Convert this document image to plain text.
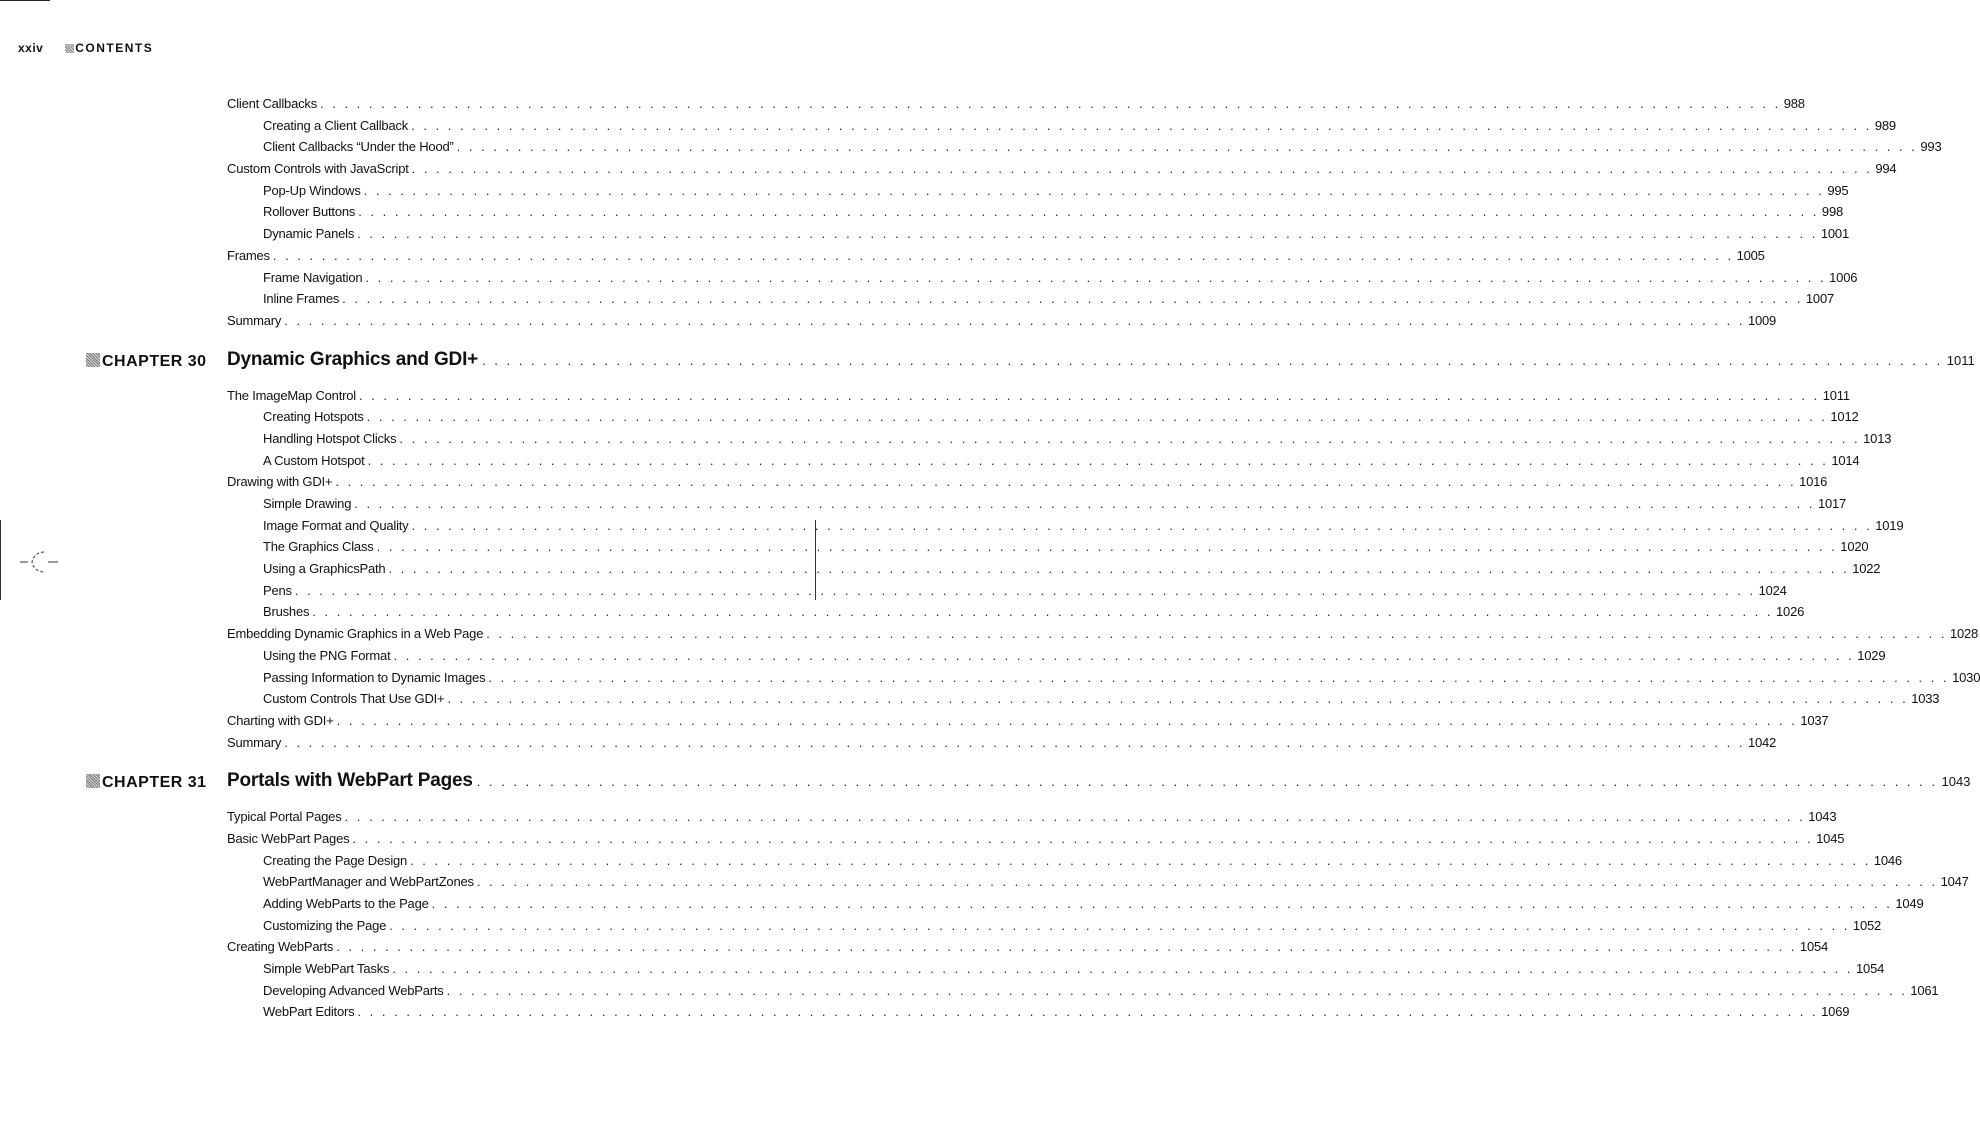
xxiv	CONTENTS
Client Callbacks . . . . . . . . . . . . . . . . . . . . . . . . . . . . . . . . . . . . . . . . . . . . . . . . . . . . . . . . . . . . . . . . . . . . . . . . . . . . . . . . . . . . . . . . . . . . . . . . . . . . . . . . . . . . . . . . . . . . . . . . 988
Creating a Client Callback . . . . . . . . . . . . . . . . . . . . . . . . . . . . . . . . . . . . . . . . . . . . . . . . . . . . . . . . . . . . . . . . . . . . . . . . . . . . . . . . . . . . . . . . . . . . . . . . . . . . . . . . . . . . . . . . . . . . . . . . 989
Client Callbacks “Under the Hood” . . . . . . . . . . . . . . . . . . . . . . . . . . . . . . . . . . . . . . . . . . . . . . . . . . . . . . . . . . . . . . . . . . . . . . . . . . . . . . . . . . . . . . . . . . . . . . . . . . . . . . . . . . . . . . . . . . . . . . . . 993
Custom Controls with JavaScript . . . . . . . . . . . . . . . . . . . . . . . . . . . . . . . . . . . . . . . . . . . . . . . . . . . . . . . . . . . . . . . . . . . . . . . . . . . . . . . . . . . . . . . . . . . . . . . . . . . . . . . . . . . . . . . . . . . . . . . . 994
Pop-Up Windows . . . . . . . . . . . . . . . . . . . . . . . . . . . . . . . . . . . . . . . . . . . . . . . . . . . . . . . . . . . . . . . . . . . . . . . . . . . . . . . . . . . . . . . . . . . . . . . . . . . . . . . . . . . . . . . . . . . . . . . . 995
Rollover Buttons . . . . . . . . . . . . . . . . . . . . . . . . . . . . . . . . . . . . . . . . . . . . . . . . . . . . . . . . . . . . . . . . . . . . . . . . . . . . . . . . . . . . . . . . . . . . . . . . . . . . . . . . . . . . . . . . . . . . . . . . 998
Dynamic Panels . . . . . . . . . . . . . . . . . . . . . . . . . . . . . . . . . . . . . . . . . . . . . . . . . . . . . . . . . . . . . . . . . . . . . . . . . . . . . . . . . . . . . . . . . . . . . . . . . . . . . . . . . . . . . . . . . . . . . . . . 1001
Frames . . . . . . . . . . . . . . . . . . . . . . . . . . . . . . . . . . . . . . . . . . . . . . . . . . . . . . . . . . . . . . . . . . . . . . . . . . . . . . . . . . . . . . . . . . . . . . . . . . . . . . . . . . . . . . . . . . . . . . . . 1005
Frame Navigation . . . . . . . . . . . . . . . . . . . . . . . . . . . . . . . . . . . . . . . . . . . . . . . . . . . . . . . . . . . . . . . . . . . . . . . . . . . . . . . . . . . . . . . . . . . . . . . . . . . . . . . . . . . . . . . . . . . . . . . . 1006
Inline Frames . . . . . . . . . . . . . . . . . . . . . . . . . . . . . . . . . . . . . . . . . . . . . . . . . . . . . . . . . . . . . . . . . . . . . . . . . . . . . . . . . . . . . . . . . . . . . . . . . . . . . . . . . . . . . . . . . . . . . . . . 1007
Summary . . . . . . . . . . . . . . . . . . . . . . . . . . . . . . . . . . . . . . . . . . . . . . . . . . . . . . . . . . . . . . . . . . . . . . . . . . . . . . . . . . . . . . . . . . . . . . . . . . . . . . . . . . . . . . . . . . . . . . . . 1009
CHAPTER 30 Dynamic Graphics and GDI+ . . . . . . . . . . . . . . . . . . . . . . . . . . . . . . . . . . . . . . . . . . . . . . . . . . . . . . . . . . . . . . . . . . . . . . . . . . . . . . . . . . . . . . . . . . . . . . . . . . . . . . . . . . . . . . . . . . . . . . . . 1011
The ImageMap Control . . . . . . . . . . . . . . . . . . . . . . . . . . . . . . . . . . . . . . . . . . . . . . . . . . . . . . . . . . . . . . . . . . . . . . . . . . . . . . . . . . . . . . . . . . . . . . . . . . . . . . . . . . . . . . . . . . . . . . . . 1011
Creating Hotspots . . . . . . . . . . . . . . . . . . . . . . . . . . . . . . . . . . . . . . . . . . . . . . . . . . . . . . . . . . . . . . . . . . . . . . . . . . . . . . . . . . . . . . . . . . . . . . . . . . . . . . . . . . . . . . . . . . . . . . . . 1012
Handling Hotspot Clicks . . . . . . . . . . . . . . . . . . . . . . . . . . . . . . . . . . . . . . . . . . . . . . . . . . . . . . . . . . . . . . . . . . . . . . . . . . . . . . . . . . . . . . . . . . . . . . . . . . . . . . . . . . . . . . . . . . . . . . . . 1013
A Custom Hotspot . . . . . . . . . . . . . . . . . . . . . . . . . . . . . . . . . . . . . . . . . . . . . . . . . . . . . . . . . . . . . . . . . . . . . . . . . . . . . . . . . . . . . . . . . . . . . . . . . . . . . . . . . . . . . . . . . . . . . . . . 1014
Drawing with GDI+ . . . . . . . . . . . . . . . . . . . . . . . . . . . . . . . . . . . . . . . . . . . . . . . . . . . . . . . . . . . . . . . . . . . . . . . . . . . . . . . . . . . . . . . . . . . . . . . . . . . . . . . . . . . . . . . . . . . . . . . . 1016
Simple Drawing . . . . . . . . . . . . . . . . . . . . . . . . . . . . . . . . . . . . . . . . . . . . . . . . . . . . . . . . . . . . . . . . . . . . . . . . . . . . . . . . . . . . . . . . . . . . . . . . . . . . . . . . . . . . . . . . . . . . . . . . 1017
Image Format and Quality . . . . . . . . . . . . . . . . . . . . . . . . . . . . . . . . . . . . . . . . . . . . . . . . . . . . . . . . . . . . . . . . . . . . . . . . . . . . . . . . . . . . . . . . . . . . . . . . . . . . . . . . . . . . . . . . . . . . . . . . 1019
The Graphics Class . . . . . . . . . . . . . . . . . . . . . . . . . . . . . . . . . . . . . . . . . . . . . . . . . . . . . . . . . . . . . . . . . . . . . . . . . . . . . . . . . . . . . . . . . . . . . . . . . . . . . . . . . . . . . . . . . . . . . . . . 1020
Using a GraphicsPath . . . . . . . . . . . . . . . . . . . . . . . . . . . . . . . . . . . . . . . . . . . . . . . . . . . . . . . . . . . . . . . . . . . . . . . . . . . . . . . . . . . . . . . . . . . . . . . . . . . . . . . . . . . . . . . . . . . . . . . . 1022
Pens . . . . . . . . . . . . . . . . . . . . . . . . . . . . . . . . . . . . . . . . . . . . . . . . . . . . . . . . . . . . . . . . . . . . . . . . . . . . . . . . . . . . . . . . . . . . . . . . . . . . . . . . . . . . . . . . . . . . . . . . 1024
Brushes . . . . . . . . . . . . . . . . . . . . . . . . . . . . . . . . . . . . . . . . . . . . . . . . . . . . . . . . . . . . . . . . . . . . . . . . . . . . . . . . . . . . . . . . . . . . . . . . . . . . . . . . . . . . . . . . . . . . . . . . 1026
Embedding Dynamic Graphics in a Web Page . . . . . . . . . . . . . . . . . . . . . . . . . . . . . . . . . . . . . . . . . . . . . . . . . . . . . . . . . . . . . . . . . . . . . . . . . . . . . . . . . . . . . . . . . . . . . . . . . . . . . . . . . . . . . . . . . . . . . . . . 1028
Using the PNG Format . . . . . . . . . . . . . . . . . . . . . . . . . . . . . . . . . . . . . . . . . . . . . . . . . . . . . . . . . . . . . . . . . . . . . . . . . . . . . . . . . . . . . . . . . . . . . . . . . . . . . . . . . . . . . . . . . . . . . . . . 1029
Passing Information to Dynamic Images . . . . . . . . . . . . . . . . . . . . . . . . . . . . . . . . . . . . . . . . . . . . . . . . . . . . . . . . . . . . . . . . . . . . . . . . . . . . . . . . . . . . . . . . . . . . . . . . . . . . . . . . . . . . . . . . . . . . . . . . 1030
Custom Controls That Use GDI+ . . . . . . . . . . . . . . . . . . . . . . . . . . . . . . . . . . . . . . . . . . . . . . . . . . . . . . . . . . . . . . . . . . . . . . . . . . . . . . . . . . . . . . . . . . . . . . . . . . . . . . . . . . . . . . . . . . . . . . . . 1033
Charting with GDI+ . . . . . . . . . . . . . . . . . . . . . . . . . . . . . . . . . . . . . . . . . . . . . . . . . . . . . . . . . . . . . . . . . . . . . . . . . . . . . . . . . . . . . . . . . . . . . . . . . . . . . . . . . . . . . . . . . . . . . . . . 1037
Summary . . . . . . . . . . . . . . . . . . . . . . . . . . . . . . . . . . . . . . . . . . . . . . . . . . . . . . . . . . . . . . . . . . . . . . . . . . . . . . . . . . . . . . . . . . . . . . . . . . . . . . . . . . . . . . . . . . . . . . . . 1042
CHAPTER 31 Portals with WebPart Pages . . . . . . . . . . . . . . . . . . . . . . . . . . . . . . . . . . . . . . . . . . . . . . . . . . . . . . . . . . . . . . . . . . . . . . . . . . . . . . . . . . . . . . . . . . . . . . . . . . . . . . . . . . . . . . . . . . . . . . . . 1043
Typical Portal Pages . . . . . . . . . . . . . . . . . . . . . . . . . . . . . . . . . . . . . . . . . . . . . . . . . . . . . . . . . . . . . . . . . . . . . . . . . . . . . . . . . . . . . . . . . . . . . . . . . . . . . . . . . . . . . . . . . . . . . . . . 1043
Basic WebPart Pages . . . . . . . . . . . . . . . . . . . . . . . . . . . . . . . . . . . . . . . . . . . . . . . . . . . . . . . . . . . . . . . . . . . . . . . . . . . . . . . . . . . . . . . . . . . . . . . . . . . . . . . . . . . . . . . . . . . . . . . . 1045
Creating the Page Design . . . . . . . . . . . . . . . . . . . . . . . . . . . . . . . . . . . . . . . . . . . . . . . . . . . . . . . . . . . . . . . . . . . . . . . . . . . . . . . . . . . . . . . . . . . . . . . . . . . . . . . . . . . . . . . . . . . . . . . . 1046
WebPartManager and WebPartZones . . . . . . . . . . . . . . . . . . . . . . . . . . . . . . . . . . . . . . . . . . . . . . . . . . . . . . . . . . . . . . . . . . . . . . . . . . . . . . . . . . . . . . . . . . . . . . . . . . . . . . . . . . . . . . . . . . . . . . . . 1047
Adding WebParts to the Page . . . . . . . . . . . . . . . . . . . . . . . . . . . . . . . . . . . . . . . . . . . . . . . . . . . . . . . . . . . . . . . . . . . . . . . . . . . . . . . . . . . . . . . . . . . . . . . . . . . . . . . . . . . . . . . . . . . . . . . . 1049
Customizing the Page . . . . . . . . . . . . . . . . . . . . . . . . . . . . . . . . . . . . . . . . . . . . . . . . . . . . . . . . . . . . . . . . . . . . . . . . . . . . . . . . . . . . . . . . . . . . . . . . . . . . . . . . . . . . . . . . . . . . . . . . 1052
Creating WebParts . . . . . . . . . . . . . . . . . . . . . . . . . . . . . . . . . . . . . . . . . . . . . . . . . . . . . . . . . . . . . . . . . . . . . . . . . . . . . . . . . . . . . . . . . . . . . . . . . . . . . . . . . . . . . . . . . . . . . . . . 1054
Simple WebPart Tasks . . . . . . . . . . . . . . . . . . . . . . . . . . . . . . . . . . . . . . . . . . . . . . . . . . . . . . . . . . . . . . . . . . . . . . . . . . . . . . . . . . . . . . . . . . . . . . . . . . . . . . . . . . . . . . . . . . . . . . . . 1054
Developing Advanced WebParts . . . . . . . . . . . . . . . . . . . . . . . . . . . . . . . . . . . . . . . . . . . . . . . . . . . . . . . . . . . . . . . . . . . . . . . . . . . . . . . . . . . . . . . . . . . . . . . . . . . . . . . . . . . . . . . . . . . . . . . . 1061
WebPart Editors . . . . . . . . . . . . . . . . . . . . . . . . . . . . . . . . . . . . . . . . . . . . . . . . . . . . . . . . . . . . . . . . . . . . . . . . . . . . . . . . . . . . . . . . . . . . . . . . . . . . . . . . . . . . . . . . . . . . . . . . 1069
